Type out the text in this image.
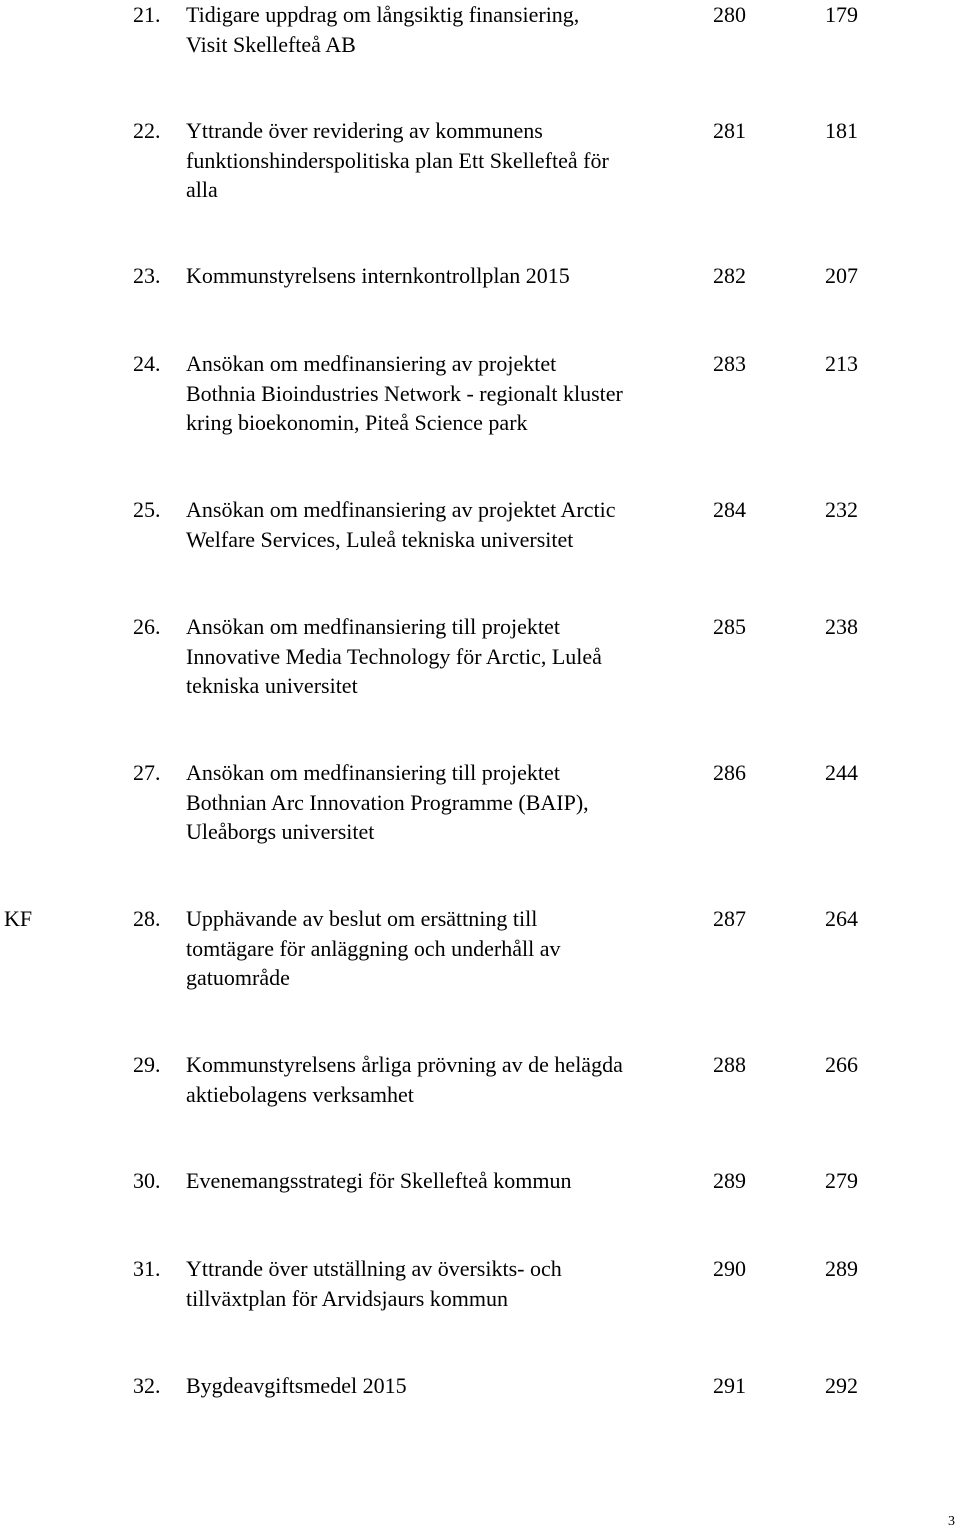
21. Tidigare uppdrag om långsiktig finansiering,
Visit Skellefteå AB
280	179
22. Yttrande över revidering av kommunens
funktionshinderspolitiska plan Ett Skellefteå för
alla
281	181
23. Kommunstyrelsens internkontrollplan 2015	282	207
24. Ansökan om medfinansiering av projektet
Bothnia Bioindustries Network - regionalt kluster
kring bioekonomin, Piteå Science park
283	213
25. Ansökan om medfinansiering av projektet Arctic
Welfare Services, Luleå tekniska universitet
284	232
26. Ansökan om medfinansiering till projektet
Innovative Media Technology för Arctic, Luleå
tekniska universitet
285	238
27. Ansökan om medfinansiering till projektet
Bothnian Arc Innovation Programme (BAIP),
Uleåborgs universitet
286	244
KF	28. Upphävande av beslut om ersättning till
tomtägare för anläggning och underhåll av
gatuområde
287	264
29. Kommunstyrelsens årliga prövning av de helägda
aktiebolagens verksamhet
288	266
30. Evenemangsstrategi för Skellefteå kommun	289	279
31. Yttrande över utställning av översikts- och
tillväxtplan för Arvidsjaurs kommun
290	289
32. Bygdeavgiftsmedel 2015	291	292
3
